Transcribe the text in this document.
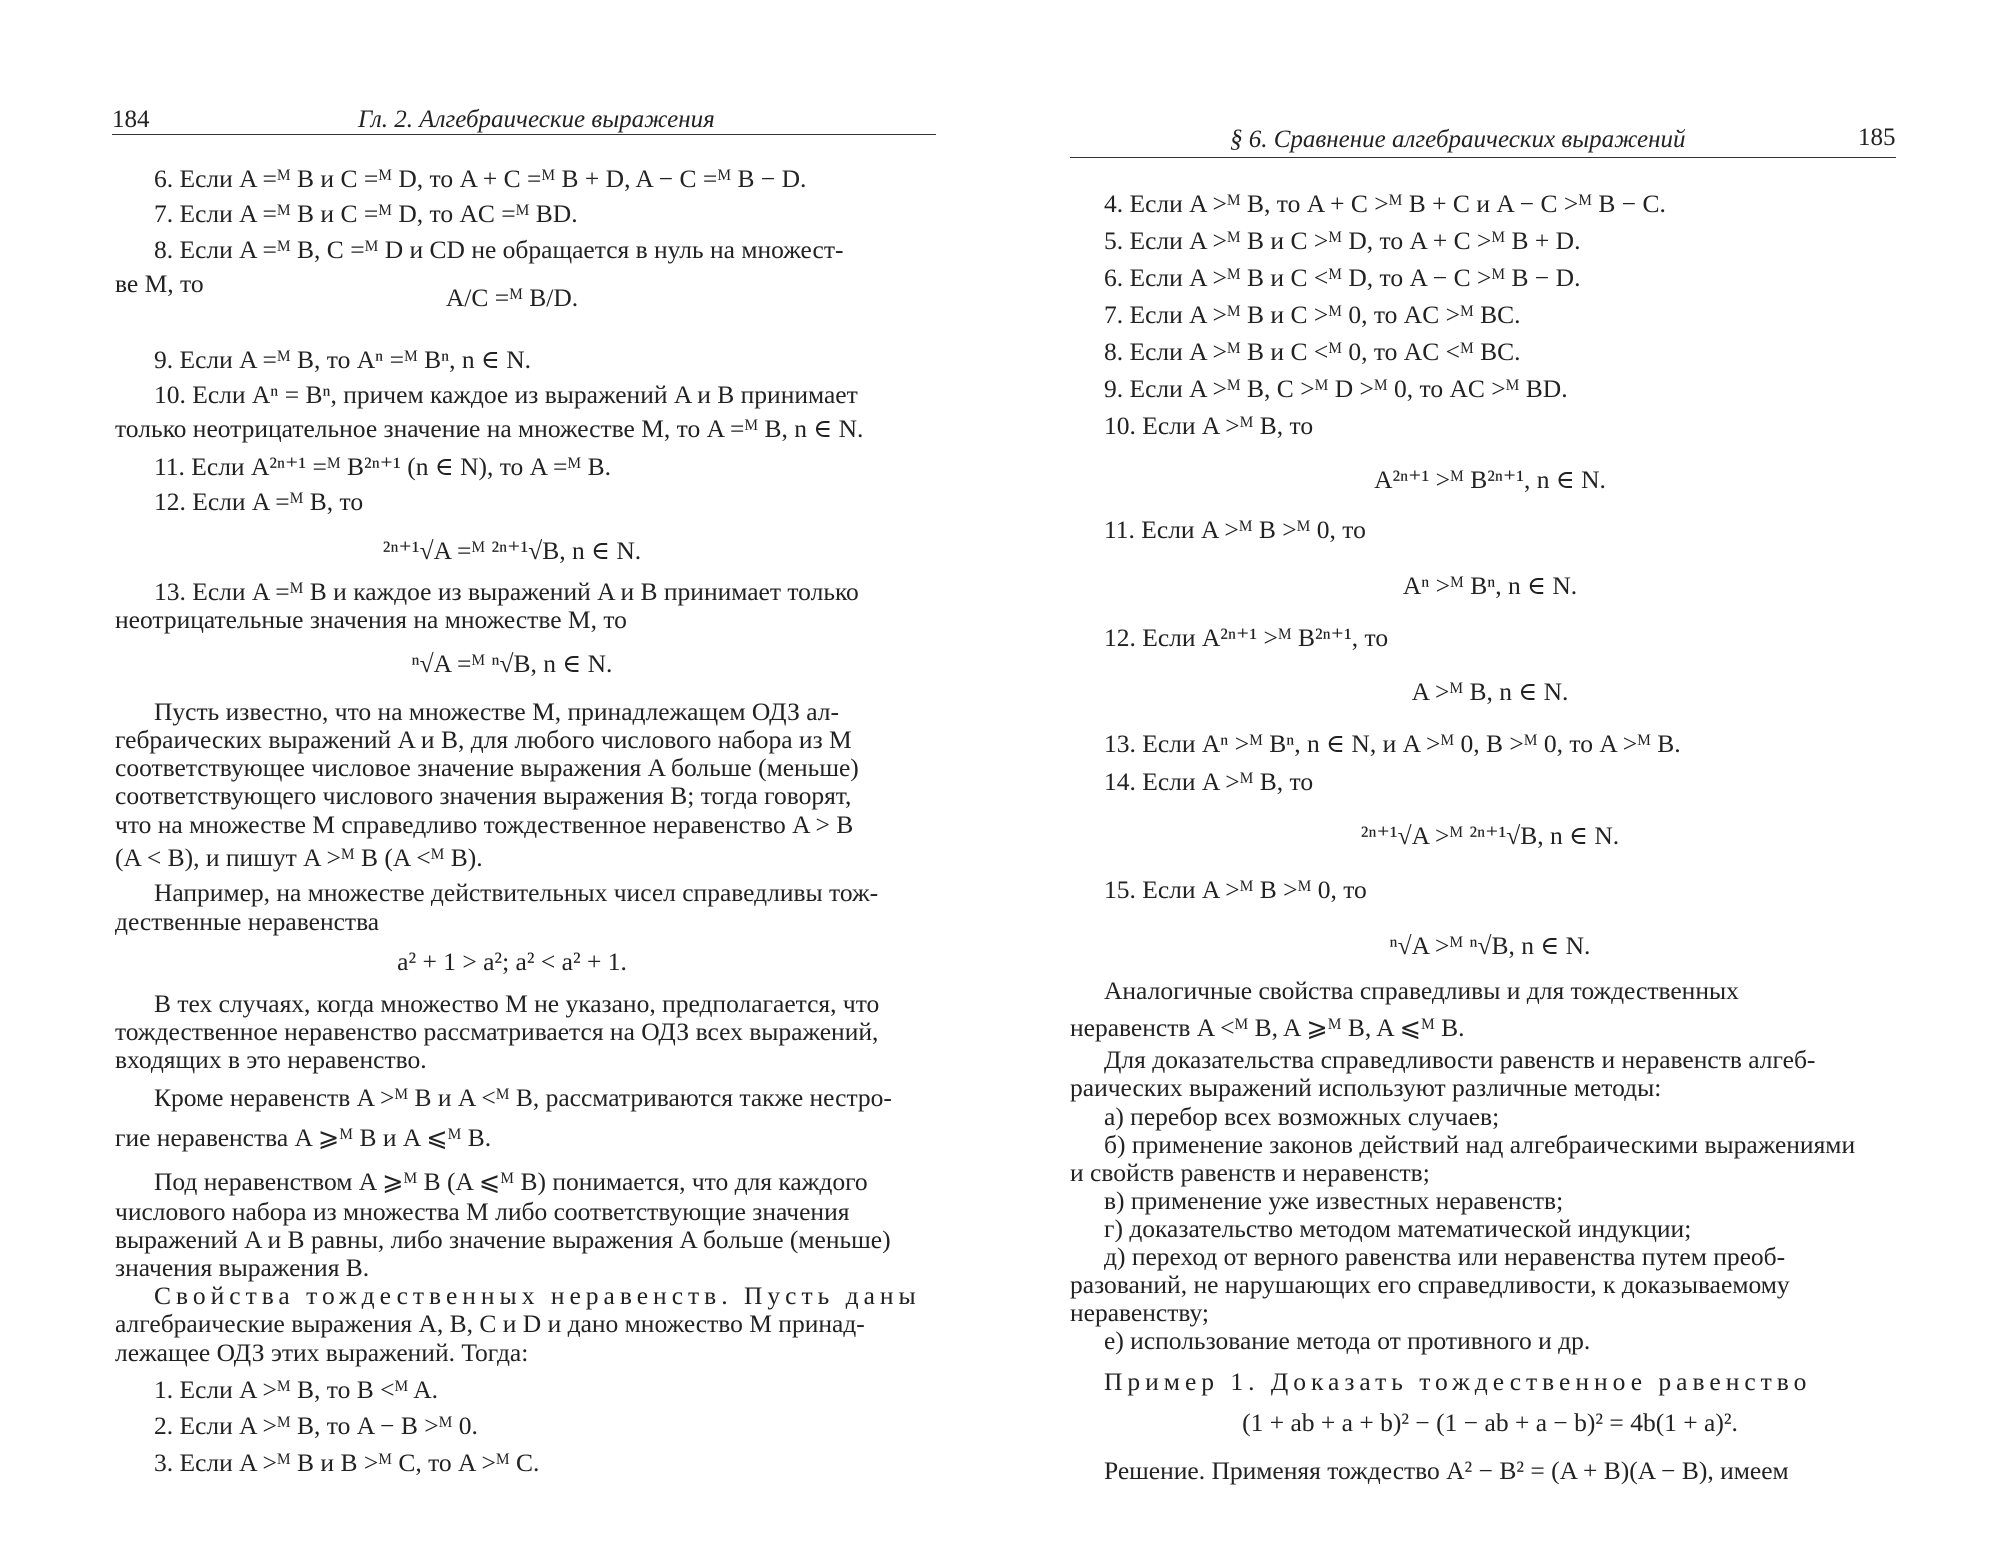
184	Гл. 2. Алгебраические выражения
6. Если A =ᴹ B и C =ᴹ D, то A + C =ᴹ B + D, A − C =ᴹ B − D.
7. Если A =ᴹ B и C =ᴹ D, то AC =ᴹ BD.
8. Если A =ᴹ B, C =ᴹ D и CD не обращается в нуль на множест-
ве M, то	A/C =ᴹ B/D.
9. Если A =ᴹ B, то Aⁿ =ᴹ Bⁿ, n ∈ N.
10. Если Aⁿ = Bⁿ, причем каждое из выражений A и B принимает
только неотрицательное значение на множестве M, то A =ᴹ B, n ∈ N.
11. Если A²ⁿ⁺¹ =ᴹ B²ⁿ⁺¹ (n ∈ N), то A =ᴹ B.
12. Если A =ᴹ B, то
²ⁿ⁺¹√A =ᴹ ²ⁿ⁺¹√B, n ∈ N.
13. Если A =ᴹ B и каждое из выражений A и B принимает только
неотрицательные значения на множестве M, то
ⁿ√A =ᴹ ⁿ√B, n ∈ N.
Пусть известно, что на множестве M, принадлежащем ОДЗ ал-
гебраических выражений A и B, для любого числового набора из M
соответствующее числовое значение выражения A больше (меньше)
соответствующего числового значения выражения B; тогда говорят,
что на множестве M справедливо тождественное неравенство A > B
(A < B), и пишут A >ᴹ B (A <ᴹ B).
Например, на множестве действительных чисел справедливы тож-
дественные неравенства
a² + 1 > a²; a² < a² + 1.
В тех случаях, когда множество M не указано, предполагается, что
тождественное неравенство рассматривается на ОДЗ всех выражений,
входящих в это неравенство.
Кроме неравенств A >ᴹ B и A <ᴹ B, рассматриваются также нестро-
гие неравенства A ⩾ᴹ B и A ⩽ᴹ B.
Под неравенством A ⩾ᴹ B (A ⩽ᴹ B) понимается, что для каждого
числового набора из множества M либо соответствующие значения
выражений A и B равны, либо значение выражения A больше (меньше)
значения выражения B.
Свойства тождественных неравенств. Пусть даны
алгебраические выражения A, B, C и D и дано множество M принад-
лежащее ОДЗ этих выражений. Тогда:
1. Если A >ᴹ B, то B <ᴹ A.
2. Если A >ᴹ B, то A − B >ᴹ 0.
3. Если A >ᴹ B и B >ᴹ C, то A >ᴹ C.
§ 6. Сравнение алгебраических выражений	185
4. Если A >ᴹ B, то A + C >ᴹ B + C и A − C >ᴹ B − C.
5. Если A >ᴹ B и C >ᴹ D, то A + C >ᴹ B + D.
6. Если A >ᴹ B и C <ᴹ D, то A − C >ᴹ B − D.
7. Если A >ᴹ B и C >ᴹ 0, то AC >ᴹ BC.
8. Если A >ᴹ B и C <ᴹ 0, то AC <ᴹ BC.
9. Если A >ᴹ B, C >ᴹ D >ᴹ 0, то AC >ᴹ BD.
10. Если A >ᴹ B, то
A²ⁿ⁺¹ >ᴹ B²ⁿ⁺¹, n ∈ N.
11. Если A >ᴹ B >ᴹ 0, то
Aⁿ >ᴹ Bⁿ, n ∈ N.
12. Если A²ⁿ⁺¹ >ᴹ B²ⁿ⁺¹, то
A >ᴹ B, n ∈ N.
13. Если Aⁿ >ᴹ Bⁿ, n ∈ N, и A >ᴹ 0, B >ᴹ 0, то A >ᴹ B.
14. Если A >ᴹ B, то
²ⁿ⁺¹√A >ᴹ ²ⁿ⁺¹√B, n ∈ N.
15. Если A >ᴹ B >ᴹ 0, то
ⁿ√A >ᴹ ⁿ√B, n ∈ N.
Аналогичные свойства справедливы и для тождественных
неравенств A <ᴹ B, A ⩾ᴹ B, A ⩽ᴹ B.
Для доказательства справедливости равенств и неравенств алгеб-
раических выражений используют различные методы:
а) перебор всех возможных случаев;
б) применение законов действий над алгебраическими выражениями
и свойств равенств и неравенств;
в) применение уже известных неравенств;
г) доказательство методом математической индукции;
д) переход от верного равенства или неравенства путем преоб-
разований, не нарушающих его справедливости, к доказываемому
неравенству;
е) использование метода от противного и др.
Пример 1. Доказать тождественное равенство
(1 + ab + a + b)² − (1 − ab + a − b)² = 4b(1 + a)².
Решение. Применяя тождество A² − B² = (A + B)(A − B), имеем
